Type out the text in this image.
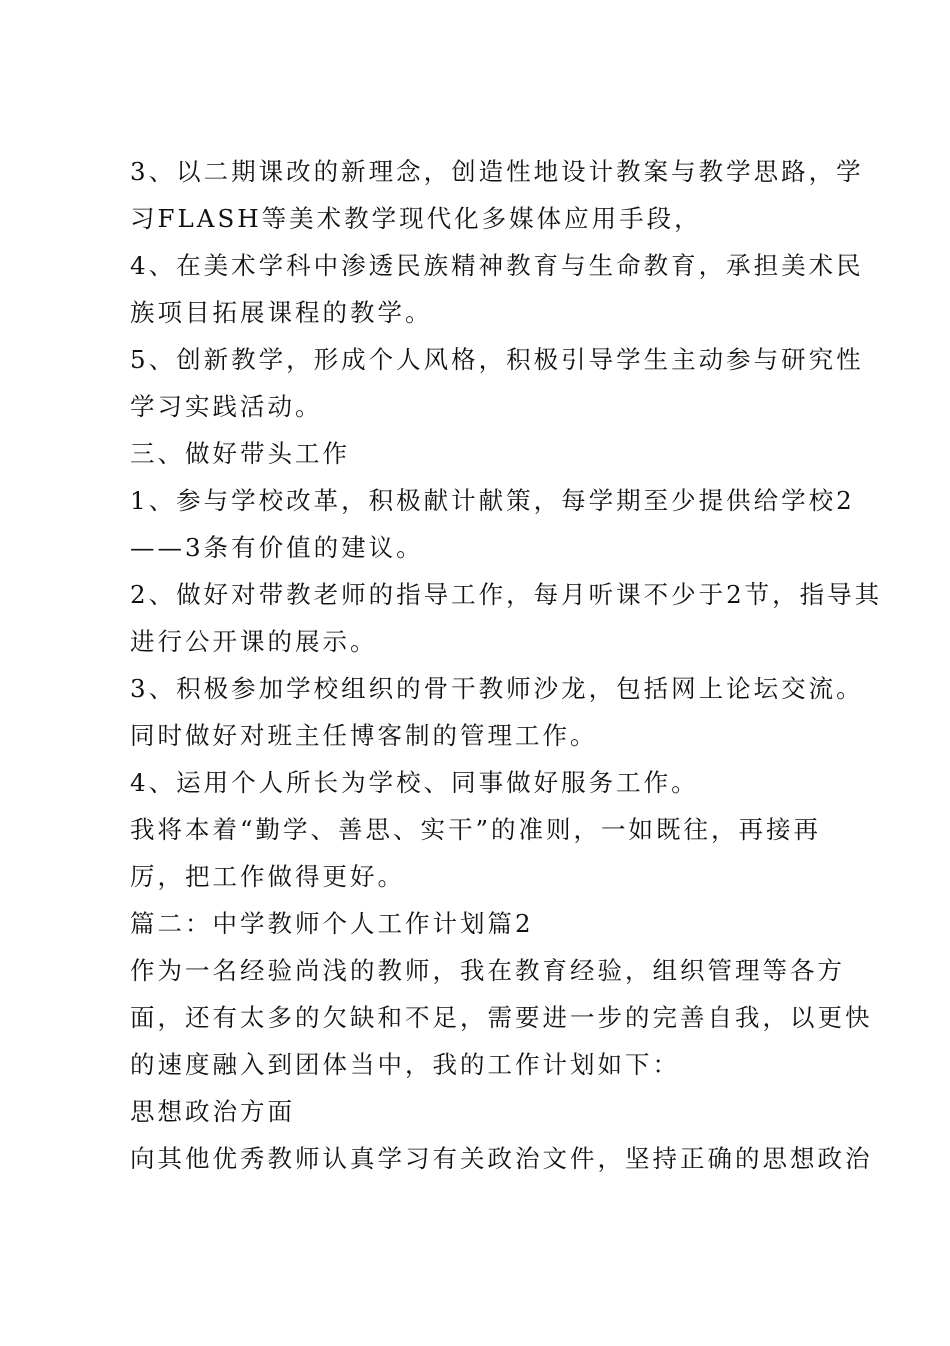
3、以二期课改的新理念，创造性地设计教案与教学思路，学
习FLASH等美术教学现代化多媒体应用手段，
4、在美术学科中渗透民族精神教育与生命教育，承担美术民
族项目拓展课程的教学。
5、创新教学，形成个人风格，积极引导学生主动参与研究性
学习实践活动。
三、做好带头工作
1、参与学校改革，积极献计献策，每学期至少提供给学校2
——3条有价值的建议。
2、做好对带教老师的指导工作，每月听课不少于2节，指导其
进行公开课的展示。
3、积极参加学校组织的骨干教师沙龙，包括网上论坛交流。
同时做好对班主任博客制的管理工作。
4、运用个人所长为学校、同事做好服务工作。
我将本着“勤学、善思、实干”的准则，一如既往，再接再
厉，把工作做得更好。
篇二：中学教师个人工作计划篇2
作为一名经验尚浅的教师，我在教育经验，组织管理等各方
面，还有太多的欠缺和不足，需要进一步的完善自我，以更快
的速度融入到团体当中，我的工作计划如下：
思想政治方面
向其他优秀教师认真学习有关政治文件，坚持正确的思想政治
